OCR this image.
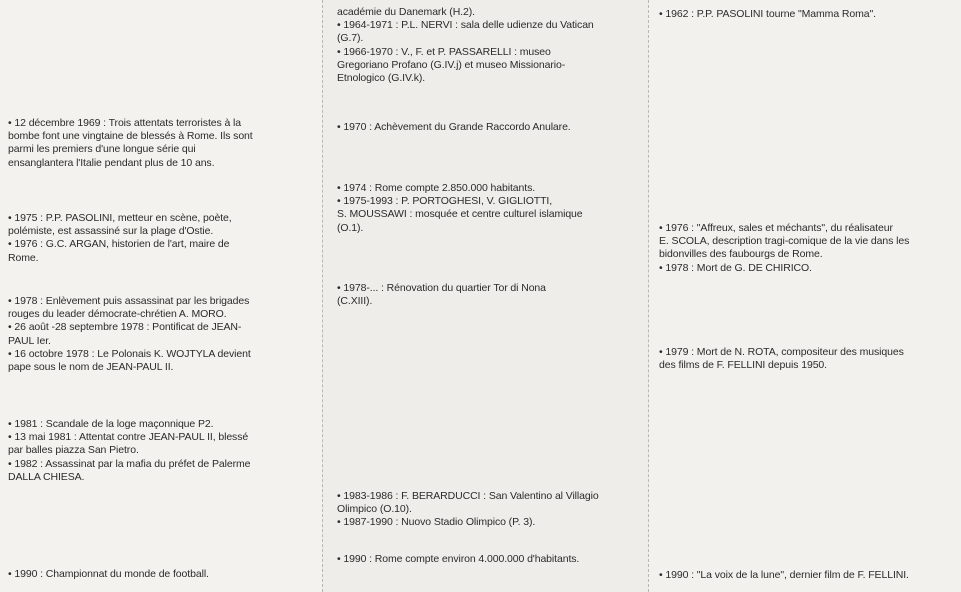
• 12 décembre 1969 : Trois attentats terroristes à la
bombe font une vingtaine de blessés à Rome. Ils sont
parmi les premiers d'une longue série qui
ensanglantera l'Italie pendant plus de 10 ans.
• 1975 : P.P. PASOLINI, metteur en scène, poète,
polémiste, est assassiné sur la plage d'Ostie.
• 1976 : G.C. ARGAN, historien de l'art, maire de
Rome.
• 1978 : Enlèvement puis assassinat par les brigades
rouges du leader démocrate-chrétien A. MORO.
• 26 août -28 septembre 1978 : Pontificat de JEAN-
PAUL Ier.
• 16 octobre 1978 : Le Polonais K. WOJTYLA devient
pape sous le nom de JEAN-PAUL II.
• 1981 : Scandale de la loge maçonnique P2.
• 13 mai 1981 : Attentat contre JEAN-PAUL II, blessé
par balles piazza San Pietro.
• 1982 : Assassinat par la mafia du préfet de Palerme
DALLA CHIESA.
• 1990 : Championnat du monde de football.
académie du Danemark (H.2).
• 1964-1971 : P.L. NERVI : sala delle udienze du Vatican
(G.7).
• 1966-1970 : V., F. et P. PASSARELLI : museo
Gregoriano Profano (G.IV.j) et museo Missionario-
Etnologico (G.IV.k).
• 1970 : Achèvement du Grande Raccordo Anulare.
• 1974 : Rome compte 2.850.000 habitants.
• 1975-1993 : P. PORTOGHESI, V. GIGLIOTTI,
S. MOUSSAWI : mosquée et centre culturel islamique
(O.1).
• 1978-... : Rénovation du quartier Tor di Nona
(C.XIII).
• 1983-1986 : F. BERARDUCCI : San Valentino al Villagio
Olimpico (O.10).
• 1987-1990 : Nuovo Stadio Olimpico (P. 3).
• 1990 : Rome compte environ 4.000.000 d'habitants.
• 1962 : P.P. PASOLINI tourne "Mamma Roma".
• 1976 : "Affreux, sales et méchants", du réalisateur
E. SCOLA, description tragi-comique de la vie dans les
bidonvilles des faubourgs de Rome.
• 1978 : Mort de G. DE CHIRICO.
• 1979 : Mort de N. ROTA, compositeur des musiques
des films de F. FELLINI depuis 1950.
• 1990 : "La voix de la lune", dernier film de F. FELLINI.
